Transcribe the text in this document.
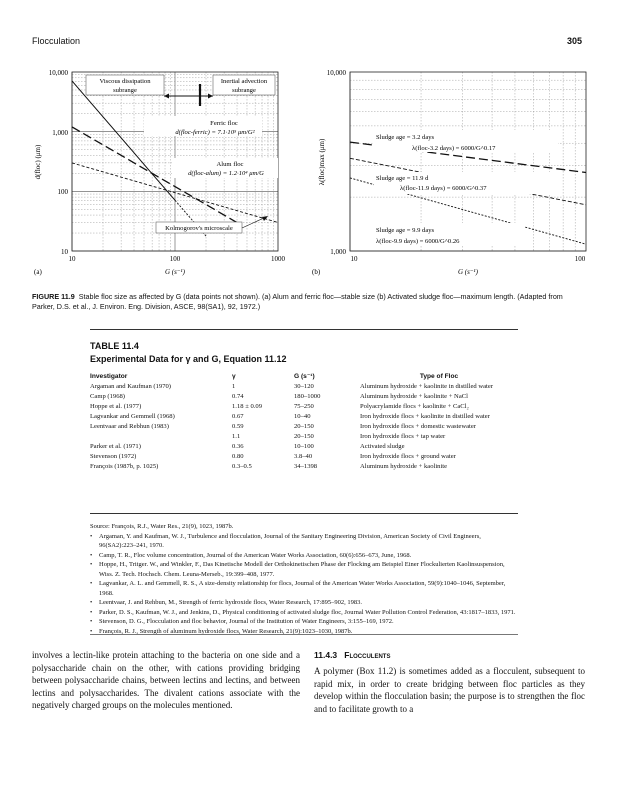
Flocculation	305
10,000
1,000
100
10
10	100	1000
G (s⁻¹)
d(floc) (μm)
(a)
Viscous dissipation
subrange
Inertial advection
subrange
Ferric floc
d(floc-ferric) = 7.1·10⁵ μm/G²
Alum floc
d(floc-alum) = 1.2·10⁴ μm/G
Kolmogorov's microscale
10,000
1,000
10	100
G (s⁻¹)
λ(floc)max (μm)
(b)
Sludge age = 3.2 days
λ(floc-3.2 days) = 6000/G^0.17
Sludge age = 11.9 d
λ(floc-11.9 days) = 6000/G^0.37
Sludge age = 9.9 days
λ(floc-9.9 days) = 6000/G^0.26
FIGURE 11.9 Stable floc size as affected by G (data points not shown). (a) Alum and ferric floc—stable size (b) Activated sludge floc—maximum length. (Adapted from Parker, D.S. et al., J. Environ. Eng. Division, ASCE, 98(SA1), 92, 1972.)
TABLE 11.4
Experimental Data for γ and G, Equation 11.12
Investigator	γ	G (s⁻¹)	Type of Floc
Argaman and Kaufman (1970)	1	30–120	Aluminum hydroxide + kaolinite in distilled water
Camp (1968)	0.74	180–1000	Aluminum hydroxide + kaolinite + NaCl
Hoppe et al. (1977)	1.18 ± 0.09	75–250	Polyacrylamide flocs + kaolinite + CaCl₂
Lagvankar and Gemmell (1968)	0.67	10–40	Iron hydroxide flocs + kaolinite in distilled water
Leentvaar and Rebhun (1983)	0.59	20–150	Iron hydroxide flocs + domestic wastewater
	1.1	20–150	Iron hydroxide flocs + tap water
Parker et al. (1971)	0.36	10–100	Activated sludge
Stevenson (1972)	0.80	3.8–40	Iron hydroxide flocs + ground water
François (1987b, p. 1025)	0.3–0.5	34–1398	Aluminum hydroxide + kaolinite

Source: François, R.J., Water Res., 21(9), 1023, 1987b.

• Argaman, Y. and Kaufman, W. J., Turbulence and flocculation, Journal of the Sanitary Engineering Division, American Society of Civil Engineers, 96(SA2):223–241, 1970.
• Camp, T. R., Floc volume concentration, Journal of the American Water Works Association, 60(6):656–673, June, 1968.
• Hoppe, H., Tritger. W., and Winkler, F., Das Kinetische Modell der Orthokinetischen Phase der Flocking am Beispiel Einer Flockulierten Kaolinsuspension, Wiss. Z. Tech. Hochsch. Chem. Leuna-Merseb., 19:399–408, 1977.
• Lagvankar, A. L. and Gemmell, R. S., A size-density relationship for flocs, Journal of the American Water Works Association, 59(9):1040–1046, September, 1968.
• Leentvaar, J. and Rehbun, M., Strength of ferric hydroxide flocs, Water Research, 17:895–902, 1983.
• Parker, D. S., Kaufman, W. J., and Jenkins, D., Physical conditioning of activated sludge floc, Journal Water Pollution Control Federation, 43:1817–1833, 1971.
• Stevenson, D. G., Flocculation and floc behavior, Journal of the Institution of Water Engineers, 3:155–169, 1972.
• François, R. J., Strength of aluminum hydroxide flocs, Water Research, 21(9):1023–1030, 1987b.
involves a lectin-like protein attaching to the bacteria on one side and a polysaccharide chain on the other, with cations providing bridging between polysaccharide chains, between lectins and lectins, and between lectins and polysaccharides. The divalent cations associate with the negatively charged groups on the molecules mentioned.
11.4.3 Flocculents
A polymer (Box 11.2) is sometimes added as a flocculent, subsequent to rapid mix, in order to create bridging between floc particles as they develop within the flocculation basin; the purpose is to strengthen the floc and to facilitate growth to a
